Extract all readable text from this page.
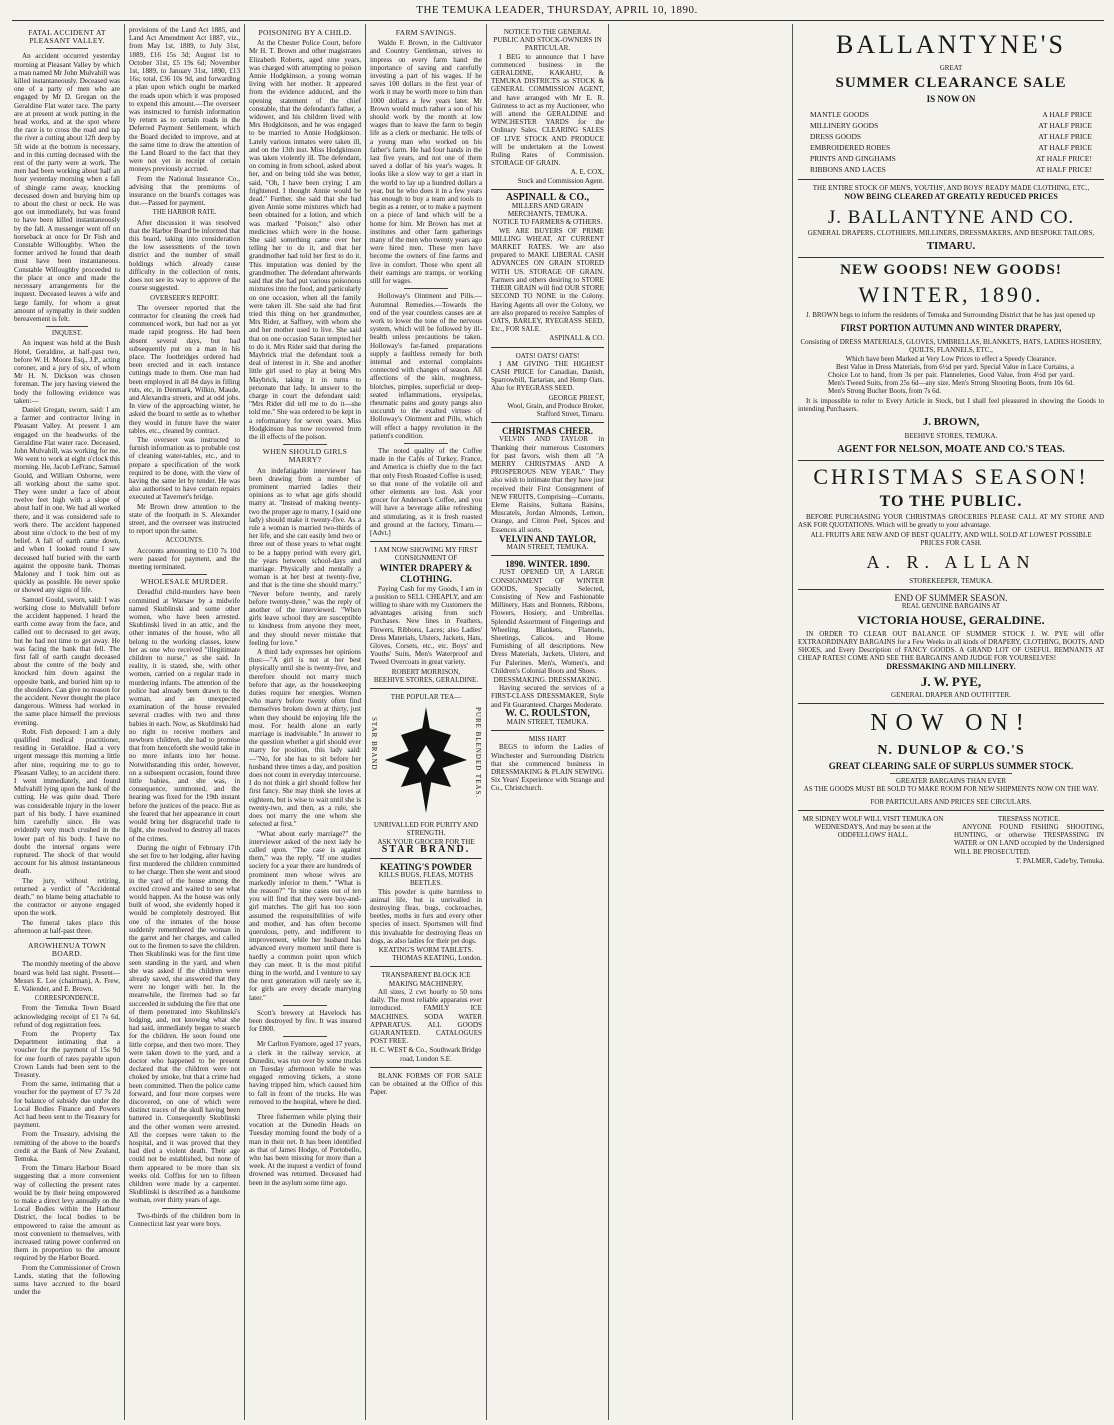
THE TEMUKA LEADER, THURSDAY, APRIL 10, 1890.
FATAL ACCIDENT AT PLEASANT VALLEY.

An accident occurred yesterday morning at Pleasant Valley by which a man named Mr John Mulvahill was killed instantaneously. Deceased was one of a party of men who are engaged by Mr D. Gregan on the Geraldine Flat water race. The party are at present at work putting in the head works, and at the spot where the race is to cross the road and tap the river a cutting about 12ft deep by 5ft wide at the bottom is necessary, and in this cutting deceased with the rest of the party were at work. The men had been working about half an hour yesterday morning when a fall of shingle came away, knocking deceased down and burying him up to about the chest or neck. He was got out immediately, but was found to have been killed instantaneously by the fall. A messenger went off on horseback at once for Dr Fish and Constable Willoughby. When the former arrived he found that death must have been instantaneous. Constable Willoughby proceeded to the place at once and made the necessary arrangements for the inquest. Deceased leaves a wife and large family, for whom a great amount of sympathy in their sudden bereavement is felt.

INQUEST.

An inquest was held at the Bush Hotel, Geraldine, at half-past two, before W. H. Moore Esq., J.P., acting coroner, and a jury of six, of whom Mr H. N. Dickson was chosen foreman. The jury having viewed the body the following evidence was taken:—

Daniel Gregan, sworn, said: I am a farmer and contractor living in Pleasant Valley. At present I am engaged on the headworks of the Geraldine Flat water race. Deceased, John Mulvahill, was working for me. We went to work at eight o'clock this morning. He, Jacob LeFranc, Samuel Gould, and William Osborne, were all working about the same spot. They were under a face of about twelve feet high with a slope of about half in one. We had all worked there, and it was considered safe to work there. The accident happened about nine o'clock to the best of my belief. A fall of earth came down, and when I looked round I saw deceased half buried with the earth against the opposite bank. Thomas Maloney and I took him out as quickly as possible. He never spoke or showed any signs of life.

Samuel Gould, sworn, said: I was working close to Mulvahill before the accident happened. I heard the earth come away from the face, and called out to deceased to get away, but he had not time to get away. He was facing the bank that fell. The first fall of earth caught deceased about the centre of the body and knocked him down against the opposite bank, and buried him up to the shoulders. Can give no reason for the accident. Never thought the place dangerous. Witness had worked in the same place himself the previous evening.

Robt. Fish deposed: I am a duly qualified medical practitioner, residing in Geraldine. Had a very urgent message this morning a little after nine, requiring me to go to Pleasant Valley, to an accident there. I went immediately, and found Mulvahill lying upon the bank of the cutting. He was quite dead. There was considerable injury in the lower part of his body. I have examined him carefully since. He was evidently very much crushed in the lower part of his body. I have no doubt the internal organs were ruptured. The shock of that would account for his almost instantaneous death.

The jury, without retiring, returned a verdict of "Accidental death," no blame being attachable to the contractor or anyone engaged upon the work.

The funeral takes place this afternoon at half-past three.

AROWHENUA TOWN BOARD.

The monthly meeting of the above board was held last night. Present—Messrs E. Lee (chairman), A. Frew, E. Valiender, and E. Brown.

CORRESPONDENCE.

From the Temuka Town Board acknowledging receipt of £1 7s 6d, refund of dog registration fees.

From the Property Tax Department intimating that a voucher for the payment of 15s 9d for one fourth of rates payable upon Crown Lands had been sent to the Treasury.

From the same, intimating that a voucher for the payment of £7 7s 2d for balance of subsidy due under the Local Bodies Finance and Powers Act had been sent to the Treasury for payment.

From the Treasury, advising the remitting of the above to the board's credit at the Bank of New Zealand, Temuka.

From the Timaru Harbour Board suggesting that a more convenient way of collecting the present rates would be by their being empowered to make a direct levy annually on the Local Bodies within the Harbour District, the local bodies to be empowered to raise the amount as most convenient to themselves, with increased rating power conferred on them in proportion to the amount required by the Harbor Board.

From the Commissioner of Crown Lands, stating that the following sums have accrued to the board under the

provisions of the Land Act 1885, and Land Act Amendment Act 1887, viz., from May 1st, 1889, to July 31st, 1889, £16 15s 3d; August 1st to October 31st, £5 19s 6d; November 1st, 1889, to January 31st, 1890, £13 16s; total, £36 10s 9d, and forwarding a plan upon which ought be marked the roads upon which it was proposed to expend this amount.—The overseer was instructed to furnish information by return as to certain roads in the Deferred Payment Settlement, which the Board decided to improve, and at the same time to draw the attention of the Land Board to the fact that they were not yet in receipt of certain moneys previously accrued.

From the National Insurance Co., advising that the premiums of insurance on the board's cottages was due.—Passed for payment.

THE HARBOR RATE.

After discussion it was resolved that the Harbor Board be informed that this board, taking into consideration the low assessments of the town district and the number of small holdings which already cause difficulty in the collection of rents, does not see its way to approve of the course suggested.

OVERSEER'S REPORT.

The overseer reported that the contractor for cleaning the creek had commenced work, but had not as yet made rapid progress. He had been absent several days, but had subsequently put on a man in his place. The footbridges ordered had been erected and in each instance cuttings made to them. One man had been employed in all 84 days in filling ruts, etc, in Denmark, Wilkin, Maude, and Alexandra streets, and at odd jobs. In view of the approaching winter, he asked the board to settle as to whether they would in future have the water tables, etc., cleaned by contract.

The overseer was instructed to furnish information as to probable cost of cleaning water-tables, etc., and to prepare a specification of the work required to be done, with the view of having the same let by tender. He was also authorised to have certain repairs executed at Taverner's bridge.

Mr Brown drew attention to the state of the footpath in S. Alexander street, and the overseer was instructed to report upon the same.

ACCOUNTS.

Accounts amounting to £10 7s 10d were passed for payment, and the meeting terminated.

WHOLESALE MURDER.

Dreadful child-murders have been committed at Warsaw by a midwife named Skublinski and some other women, who have been arrested. Skublinski lived in an attic, and the other inmates of the house, who all belong to the working classes, knew her as one who received "illegitimate children to nurse," as she said. In reality, it is stated, she, with other women, carried on a regular trade in murdering infants. The attention of the police had already been drawn to the woman, and an unexpected examination of the house revealed several cradles with two and three babies in each. Now, as Skublinski had no right to receive mothers and newborn children, she had to promise that from henceforth she would take in no more infants into her house. Notwithstanding this order, however, on a subsequent occasion, found three little babies, and she was, in consequence, summoned, and the hearing was fixed for the 19th instant before the justices of the peace. But as she feared that her appearance in court would bring her disgraceful trade to light, she resolved to destroy all traces of the crimes.

During the night of February 17th she set fire to her lodging, after having first murdered the children committed to her charge. Then she went and stood in the yard of the house among the excited crowd and waited to see what would happen. As the house was only built of wood, she evidently hoped it would be completely destroyed. But one of the inmates of the house suddenly remembered the woman in the garret and her charges, and called out to the firemen to save the children. Then Skublinski was for the first time seen standing in the yard, and when she was asked if the children were already saved, she answered that they were no longer with her. In the meanwhile, the firemen had so far succeeded in subduing the fire that one of them penetrated into Skublinski's lodging, and, not knowing what she had said, immediately began to search for the children. He soon found one little corpse, and then two more. They were taken down to the yard, and a doctor who happened to be present declared that the children were not choked by smoke, but that a crime had been committed. Then the police came forward, and four more corpses were discovered, on one of which were distinct traces of the skull having been battered in. Consequently Skublinski and the other women were arrested. All the corpses were taken to the hospital, and it was proved that they had died a violent death. Their age could not be established, but none of them appeared to be more than six weeks old. Coffins for ten to fifteen children were made by a carpenter. Skublinski is described as a handsome woman, over thirty years of age.

Two-thirds of the children born in Connecticut last year were boys.

POISONING BY A CHILD.

At the Chester Police Court, before Mr H. T. Brown and other magistrates Elizabeth Roberts, aged nine years, was charged with attempting to poison Annie Hodgkinson, a young woman living with her mother. It appeared from the evidence adduced, and the opening statement of the chief constable, that the defendant's father, a widower, and his children lived with Mrs Hodgkinson, and he was engaged to be married to Annie Hodgkinson. Lately various inmates were taken ill, and on the 13th inst. Miss Hodgkinson was taken violently ill. The defendant, on coming in from school, asked about her, and on being told she was better, said, "Oh, I have been crying; I am frightened. I thought Annie would be dead." Further, she said that she had given Annie some mixtures which had been obtained for a lotion, and which was marked "Poison;" also other medicines which were in the house. She said something came over her telling her to do it, and that her grandmother had told her first to do it. This imputation was denied by the grandmother. The defendant afterwards said that she had put various poisonous mixtures into the food, and particularly on one occasion, when all the family were taken ill. She said she had first tried this thing on her grandmother, Mrs Rider, at Saffney, with whom she and her mother used to live. She said that on one occasion Satan tempted her to do it. Mrs Rider said that during the Maybrick trial the defendant took a deal of interest in it. She and another little girl used to play at being Mrs Maybrick, taking it in turns to personate that lady. In answer to the charge in court the defendant said: "Mrs Rider did tell me to do it—she told me." She was ordered to be kept in a reformatory for seven years. Miss Hodgkinson has now recovered from the ill effects of the poison.

WHEN SHOULD GIRLS MARRY?

An indefatigable interviewer has been drawing from a number of prominent married ladies their opinions as to what age girls should marry at. "Instead of making twenty-two the proper age to marry, I (said one lady) should make it twenty-five. As a rule a woman is married two-thirds of her life, and she can easily lend two or three out of those years to what ought to be a happy period with every girl, the years between school-days and marriage. Physically and mentally a woman is at her best at twenty-five, and that is the time she should marry." "Never before twenty, and rarely before twenty-three," was the reply of another of the interviewed. "When girls leave school they are susceptible to kindness from anyone they meet, and they should never mistake that feeling for love."

A third lady expresses her opinions thus:—"A girl is not at her best physically until she is twenty-five, and therefore should not marry much before that age, as the housekeeping duties require her energies. Women who marry before twenty often find themselves broken down at thirty, just when they should be enjoying life the most. For health alone an early marriage is inadvisable." In answer to the question whether a girl should ever marry for position, this lady said:—"No, for she has to sit before her husband three times a day, and position does not count in everyday intercourse. I do not think a girl should follow her first fancy. She may think she loves at eighteen, but is wise to wait until she is twenty-two, and then, as a rule, she does not marry the one whom she selected at first."

"What about early marriage?" the interviewer asked of the next lady he called upon. "The case is against them," was the reply. "If one studies society for a year there are hundreds of prominent men whose wives are markedly inferior to them." "What is the reason?" "In nine cases out of ten you will find that they were boy-and-girl matches. The girl has too soon assumed the responsibilities of wife and mother, and has often become querulous, petty, and indifferent to improvement, while her husband has advanced every moment until there is hardly a common point upon which they can meet. It is the most pitiful thing in the world, and I venture to say the next generation will rarely see it, for girls are every decade marrying later."

Scott's brewery at Havelock has been destroyed by fire. It was insured for £800.

Mr Carlton Fynmore, aged 17 years, a clerk in the railway service, at Dunedin, was run over by some trucks on Tuesday afternoon while he was engaged removing tickets, a stone having tripped him, which caused him to fall in front of the trucks. He was removed to the hospital, where he died.

Three fishermen while plying their vocation at the Dunedin Heads on Tuesday morning found the body of a man in their net. It has been identified as that of James Hodge, of Portobello, who has been missing for more than a week. At the inquest a verdict of found drowned was returned. Deceased had been in the asylum some time ago.

FARM SAVINGS.

Waldo F. Brown, in the Cultivator and Country Gentleman, strives to impress on every farm hand the importance of saving and carefully investing a part of his wages. If he saves 100 dollars in the first year of work it may be worth more to him than 1000 dollars a few years later. Mr Brown would much rather a son of his should work by the month at low wages than to leave the farm to begin life as a clerk or mechanic. He tells of a young man who worked on his father's farm. He had four hands in the last five years, and not one of them saved a dollar of his year's wages. It looks like a slow way to get a start in the world to lay up a hundred dollars a year, but he who does it in a few years has enough to buy a team and tools to begin as a renter, or to make a payment on a piece of land which will be a home for him. Mr Brown has met at institutes and other farm gatherings many of the men who twenty years ago were hired men. These men have become the owners of fine farms and live in comfort. Those who spent all their earnings are tramps, or working still for wages.

Holloway's Ointment and Pills.—Autumnal Remedies.—Towards the end of the year countless causes are at work to lower the tone of the nervous system, which will be followed by ill-health unless precautions be taken. Holloway's far-famed preparations supply a faultless remedy for both internal and external complaints connected with changes of season. All affections of the skin, roughness, blotches, pimples, superficial or deep-seated inflammations, erysipelas, rheumatic pains and gouty pangs also succumb to the exalted virtues of Holloway's Ointment and Pills, which will effect a happy revolution in the patient's condition.

The noted quality of the Coffee made in the Cafés of Turkey, France, and America is chiefly due to the fact that only Fresh Roasted Coffee is used; so that none of the volatile oil and other elements are lost. Ask your grocer for Anderson's Coffee, and you will have a beverage alike refreshing and stimulating, as it is fresh roasted and ground at the factory, Timaru.—[Advt.]

I AM NOW SHOWING MY FIRST CONSIGNMENT OF
WINTER DRAPERY & CLOTHING.

Paying Cash for my Goods, I am in a position to SELL CHEAPLY, and am willing to share with my Customers the advantages arising from such Purchases. New lines in Feathers, Flowers, Ribbons, Laces; also Ladies' Dress Materials, Ulsters, Jackets, Hats, Gloves, Corsets, etc., etc. Boys' and Youths' Suits, Men's Waterproof and Tweed Overcoats in great variety.

ROBERT MORRISON,
BEEHIVE STORES, GERALDINE.
THE POPULAR TEA—
STAR BRAND	PURE BLENDED TEAS.
UNRIVALLED FOR PURITY AND STRENGTH.
ASK YOUR GROCER FOR THE
STAR BRAND.
KEATING'S POWDER
KILLS BUGS, FLEAS, MOTHS BEETLES.

This powder is quite harmless to animal life, but is unrivalled in destroying fleas, bugs, cockroaches, beetles, moths in furs and every other species of insect. Sportsmen will find this invaluable for destroying fleas on dogs, as also ladies for their pet dogs.

KEATING'S WORM TABLETS.
THOMAS KEATING, London.
TRANSPARENT BLOCK ICE MAKING MACHINERY.

All sizes, 2 cwt hourly to 50 tons daily. The most reliable apparatus ever introduced. FAMILY ICE MACHINES. SODA WATER APPARATUS. ALL GOODS GUARANTEED. CATALOGUES POST FREE.

H. C. WEST & Co., Southwark Bridge road, London S.E.

BLANK FORMS OF FOR SALE can be obtained at the Office of this Paper.

NOTICE TO THE GENERAL PUBLIC AND STOCK-OWNERS IN PARTICULAR.

I BEG to announce that I have commenced business in the GERALDINE, KAKAHU, & TEMUKA DISTRICTS as STOCK & GENERAL COMMISSION AGENT, and have arranged with Mr E. R. Guinness to act as my Auctioneer, who will attend the GERALDINE and WINCHESTER YARDS for the Ordinary Sales. CLEARING SALES OF LIVE STOCK AND PRODUCE will be undertaken at the Lowest Ruling Rates of Commission. STORAGE OF GRAIN.

A. E. COX,
Stock and Commission Agent.
ASPINALL & CO.,
MILLERS AND GRAIN MERCHANTS, TEMUKA.
NOTICE TO FARMERS & OTHERS.

WE ARE BUYERS OF PRIME MILLING WHEAT, AT CURRENT MARKET RATES. We are also prepared to MAKE LIBERAL CASH ADVANCES ON GRAIN STORED WITH US. STORAGE OF GRAIN. Farmers and others desiring to STORE THEIR GRAIN will find OUR STORE SECOND TO NONE in the Colony. Having Agents all over the Colony, we are also prepared to receive Samples of OATS, BARLEY, RYEGRASS SEED, Etc., FOR SALE.

ASPINALL & CO.
OATS! OATS! OATS!

I AM GIVING THE HIGHEST CASH PRICE for Canadian, Danish, Sparrowbill, Tartarian, and Hemp Oats. Also for RYEGRASS SEED.

GEORGE PRIEST,
Wool, Grain, and Produce Broker, Stafford Street, Timaru.
CHRISTMAS CHEER.

VELVIN AND TAYLOR in Thanking their numerous Customers for past favors, wish them all "A MERRY CHRISTMAS AND A PROSPEROUS NEW YEAR." They also wish to intimate that they have just received their First Consignment of NEW FRUITS, Comprising—Currants, Eleme Raisins, Sultana Raisins, Muscatels, Jordan Almonds, Lemon, Orange, and Citron Peel, Spices and Essences all sorts.

VELVIN AND TAYLOR,
MAIN STREET, TEMUKA.
1890. WINTER. 1890.

JUST OPENED UP, A LARGE CONSIGNMENT OF WINTER GOODS, Specially Selected, Consisting of New and Fashionable Millinery, Hats and Bonnets, Ribbons, Flowers, Hosiery, and Umbrellas. Splendid Assortment of Fingerings and Wheeling. Blankets, Flannels, Sheetings, Calicos, and House Furnishing of all descriptions. New Dress Materials, Jackets, Ulsters, and Fur Palerines. Men's, Women's, and Children's Colonial Boots and Shoes.

DRESSMAKING. DRESSMAKING.

Having secured the services of a FIRST-CLASS DRESSMAKER, Style and Fit Guaranteed. Charges Moderate.

W. C. ROULSTON,
MAIN STREET, TEMUKA.
MISS HART

BEGS to inform the Ladies of Winchester and Surrounding Districts that she commenced business in DRESSMAKING & PLAIN SEWING. Six Years' Experience with Strange and Co., Christchurch.

BALLANTYNE'S
GREAT
SUMMER CLEARANCE SALE
IS NOW ON
MANTLE GOODS	A HALF PRICE
MILLINERY GOODS	AT HALF PRICE
DRESS GOODS	AT HALF PRICE
EMBROIDERED ROBES	AT HALF PRICE
PRINTS AND GINGHAMS	AT HALF PRICE!
RIBBONS AND LACES	AT HALF PRICE!
THE ENTIRE STOCK OF MEN'S, YOUTHS', AND BOYS' READY MADE CLOTHING, ETC.,
NOW BEING CLEARED AT GREATLY REDUCED PRICES
J. BALLANTYNE AND CO.
GENERAL DRAPERS, CLOTHIERS, MILLINERS, DRESSMAKERS, AND BESPOKE TAILORS,
TIMARU.
NEW GOODS! NEW GOODS!
WINTER, 1890.

J. BROWN begs to inform the residents of Temuka and Surrounding District that he has just opened up

FIRST PORTION AUTUMN AND WINTER DRAPERY,
Consisting of DRESS MATERIALS, GLOVES, UMBRELLAS, BLANKETS, HATS, LADIES HOSIERY, QUILTS, FLANNELS, ETC.,
Which have been Marked at Very Low Prices to effect a Speedy Clearance.

Best Value in Dress Materials, from 6½d per yard. Special Value in Lace Curtains, a Choice Lot to hand, from 3s per pair. Flannelettes, Good Value, from 4½d per yard. Men's Tweed Suits, from 25s 6d—any size. Men's Strong Shooting Boots, from 10s 6d. Men's Strong Bucher Boots, from 7s 6d.

It is impossible to refer to Every Article in Stock, but I shall feel pleasured in showing the Goods to intending Purchasers.

J. BROWN,
BEEHIVE STORES, TEMUKA.
AGENT FOR NELSON, MOATE AND CO.'S TEAS.
CHRISTMAS SEASON!
TO THE PUBLIC.

BEFORE PURCHASING YOUR CHRISTMAS GROCERIES PLEASE CALL AT MY STORE AND ASK FOR QUOTATIONS. Which will be greatly to your advantage.

ALL FRUITS ARE NEW AND OF BEST QUALITY, AND WILL SOLD AT LOWEST POSSIBLE PRICES FOR CASH.

A. R. ALLAN
STOREKEEPER, TEMUKA.
END OF SUMMER SEASON.
REAL GENUINE BARGAINS AT
VICTORIA HOUSE, GERALDINE.

IN ORDER TO CLEAR OUT BALANCE OF SUMMER STOCK J. W. PYE will offer EXTRAORDINARY BARGAINS for a Few Weeks in all kinds of DRAPERY, CLOTHING, BOOTS, AND SHOES, and Every Description of FANCY GOODS. A GRAND LOT OF USEFUL REMNANTS AT CHEAP RATES! COME AND SEE THE BARGAINS AND JUDGE FOR YOURSELVES!

DRESSMAKING AND MILLINERY.
J. W. PYE,
GENERAL DRAPER AND OUTFITTER.
NOW ON!
N. DUNLOP & CO.'S
GREAT CLEARING SALE OF SURPLUS SUMMER STOCK.
GREATER BARGAINS THAN EVER
AS THE GOODS MUST BE SOLD TO MAKE ROOM FOR NEW SHIPMENTS NOW ON THE WAY.
FOR PARTICULARS AND PRICES SEE CIRCULARS.

MR SIDNEY WOLF WILL VISIT TEMUKA ON WEDNESDAYS, And may be seen at the ODDFELLOWS' HALL.

TRESPASS NOTICE.

ANYONE FOUND FISHING SHOOTING, HUNTING, or otherwise TRESPASSING IN WATER or ON LAND occupied by the Undersigned WILL BE PROSECUTED.

T. PALMER, Cade'by, Temuka.
